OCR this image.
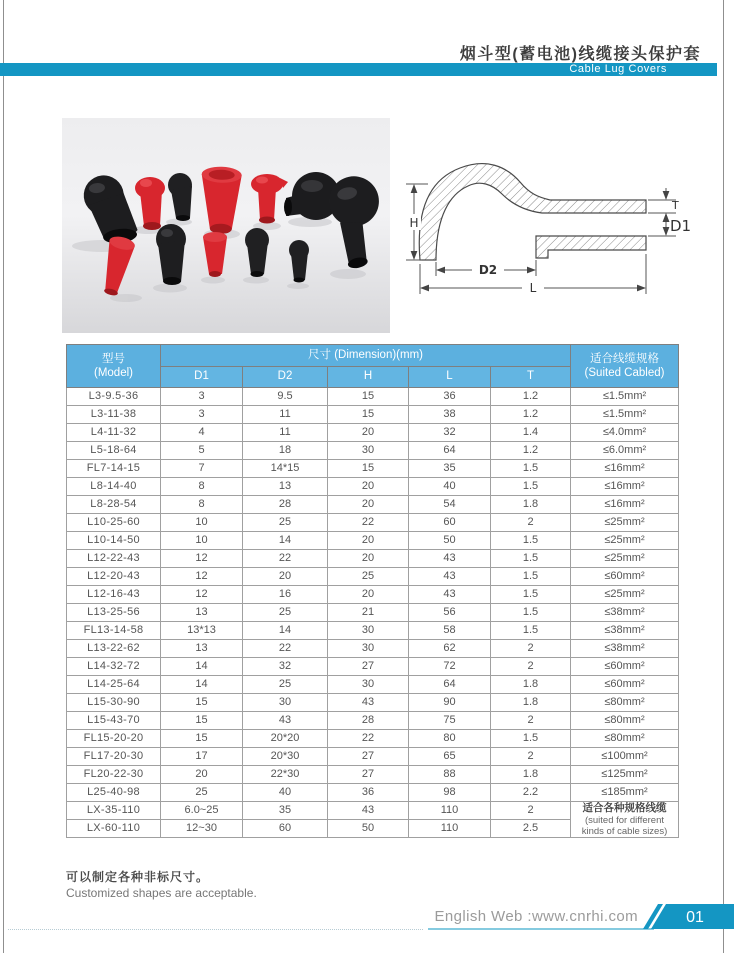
烟斗型(蓄电池)线缆接头保护套
Cable Lug Covers
H
T
D1
D2
L
型号
(Model)
	尺寸 (Dimension)(mm)	适合线缆规格
(Suited Cabled)

	D1	D2	H	L	T	
L3-9.5-36	3	9.5	15	36	1.2	≤1.5mm²
L3-11-38	3	11	15	38	1.2	≤1.5mm²
L4-11-32	4	11	20	32	1.4	≤4.0mm²
L5-18-64	5	18	30	64	1.2	≤6.0mm²
FL7-14-15	7	14*15	15	35	1.5	≤16mm²
L8-14-40	8	13	20	40	1.5	≤16mm²
L8-28-54	8	28	20	54	1.8	≤16mm²
L10-25-60	10	25	22	60	2	≤25mm²
L10-14-50	10	14	20	50	1.5	≤25mm²
L12-22-43	12	22	20	43	1.5	≤25mm²
L12-20-43	12	20	25	43	1.5	≤60mm²
L12-16-43	12	16	20	43	1.5	≤25mm²
L13-25-56	13	25	21	56	1.5	≤38mm²
FL13-14-58	13*13	14	30	58	1.5	≤38mm²
L13-22-62	13	22	30	62	2	≤38mm²
L14-32-72	14	32	27	72	2	≤60mm²
L14-25-64	14	25	30	64	1.8	≤60mm²
L15-30-90	15	30	43	90	1.8	≤80mm²
L15-43-70	15	43	28	75	2	≤80mm²
FL15-20-20	15	20*20	22	80	1.5	≤80mm²
FL17-20-30	17	20*30	27	65	2	≤100mm²
FL20-22-30	20	22*30	27	88	1.8	≤125mm²
L25-40-98	25	40	36	98	2.2	≤185mm²
LX-35-110	6.0~25	35	43	110	2	适合各种规格线缆
(suited for different
kinds of cable sizes)

LX-60-110	12~30	60	50	110	2.5	
可以制定各种非标尺寸。
Customized shapes are acceptable.
English Web :www.cnrhi.com	01
